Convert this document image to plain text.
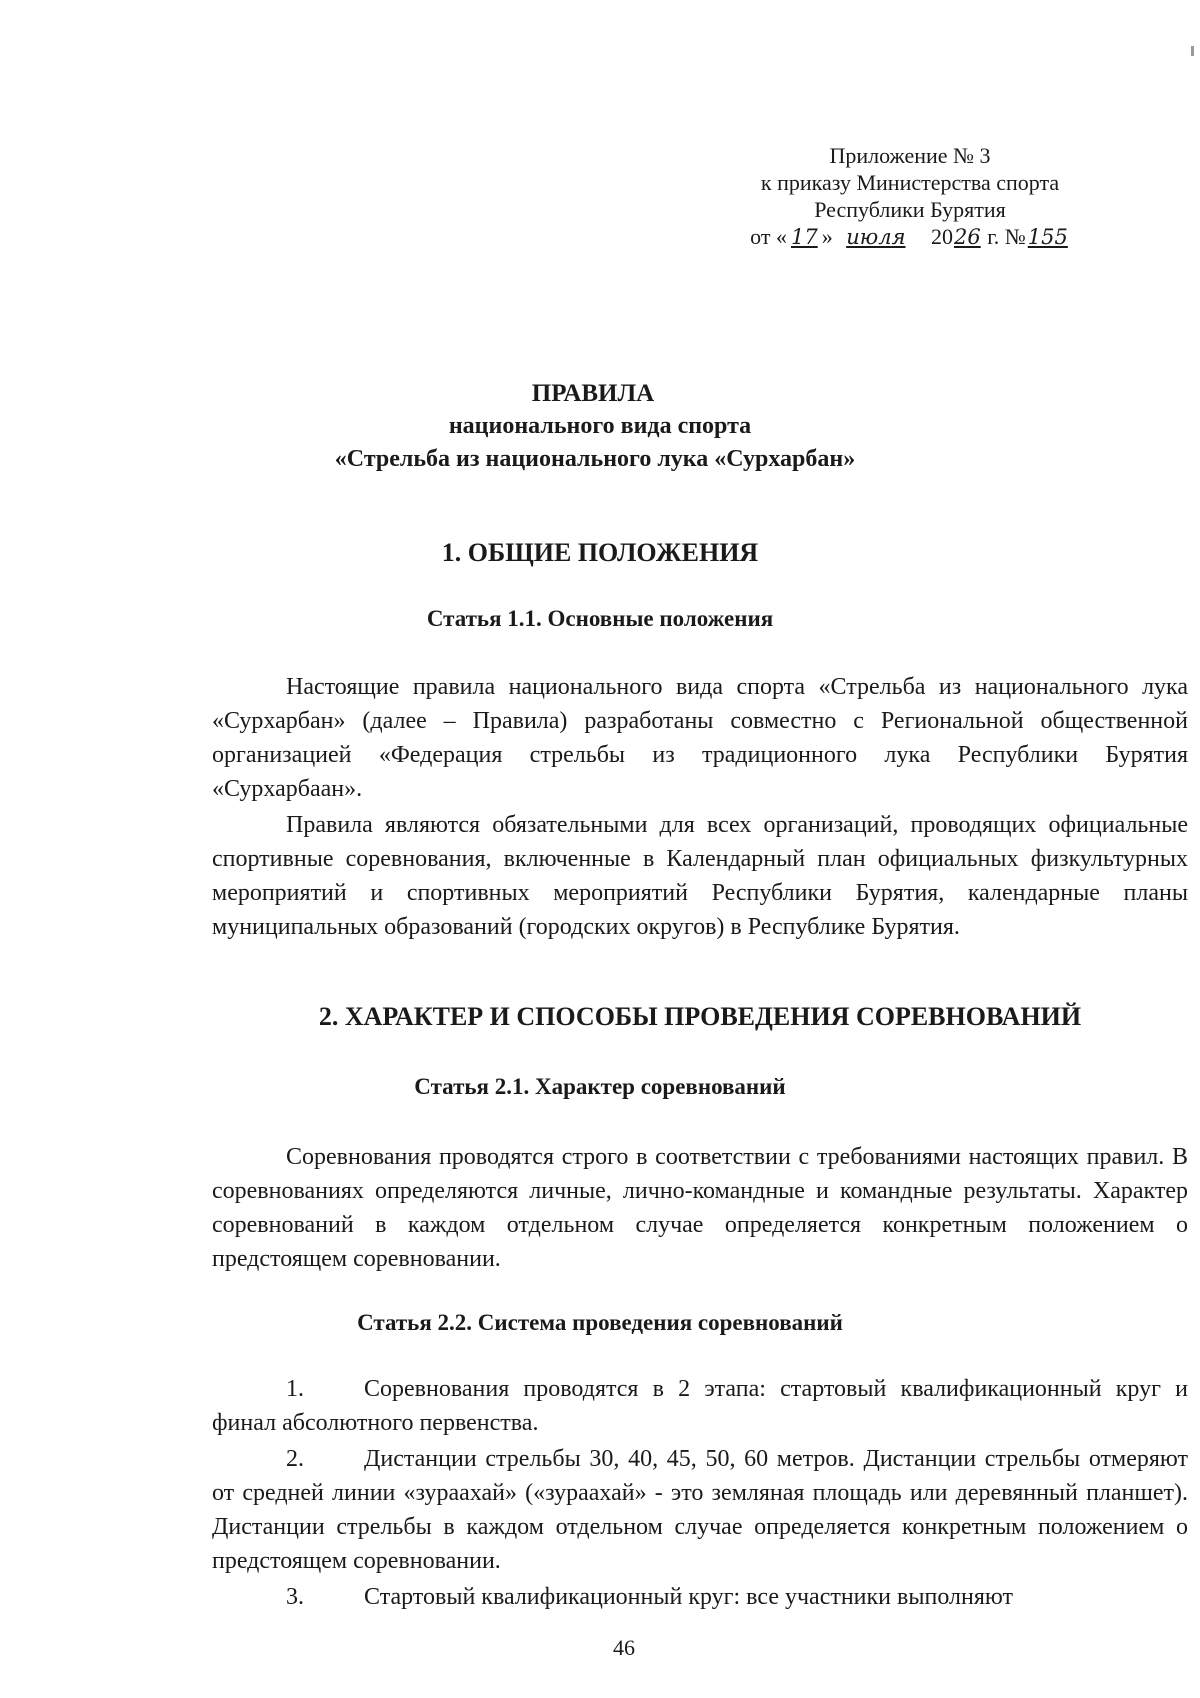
Приложение № 3
к приказу Министерства спорта
Республики Бурятия
от « 17 » июля 2026 г. №155
ПРАВИЛА
национального вида спорта
«Стрельба из национального лука «Сурхарбан»
1. ОБЩИЕ ПОЛОЖЕНИЯ
Статья 1.1. Основные положения
Настоящие правила национального вида спорта «Стрельба из национального лука «Сурхарбан» (далее – Правила) разработаны совместно с Региональной общественной организацией «Федерация стрельбы из традиционного лука Республики Бурятия «Сурхарбаан».
Правила являются обязательными для всех организаций, проводящих официальные спортивные соревнования, включенные в Календарный план официальных физкультурных мероприятий и спортивных мероприятий Республики Бурятия, календарные планы муниципальных образований (городских округов) в Республике Бурятия.
2. ХАРАКТЕР И СПОСОБЫ ПРОВЕДЕНИЯ СОРЕВНОВАНИЙ
Статья 2.1. Характер соревнований
Соревнования проводятся строго в соответствии с требованиями настоящих правил. В соревнованиях определяются личные, лично-командные и командные результаты. Характер соревнований в каждом отдельном случае определяется конкретным положением о предстоящем соревновании.
Статья 2.2. Система проведения соревнований
1.	Соревнования проводятся в 2 этапа: стартовый квалификационный круг и финал абсолютного первенства.
2.	Дистанции стрельбы 30, 40, 45, 50, 60 метров. Дистанции стрельбы отмеряют от средней линии «зураахай» («зураахай» - это земляная площадь или деревянный планшет). Дистанции стрельбы в каждом отдельном случае определяется конкретным положением о предстоящем соревновании.
3.	Стартовый квалификационный круг: все участники выполняют
46
